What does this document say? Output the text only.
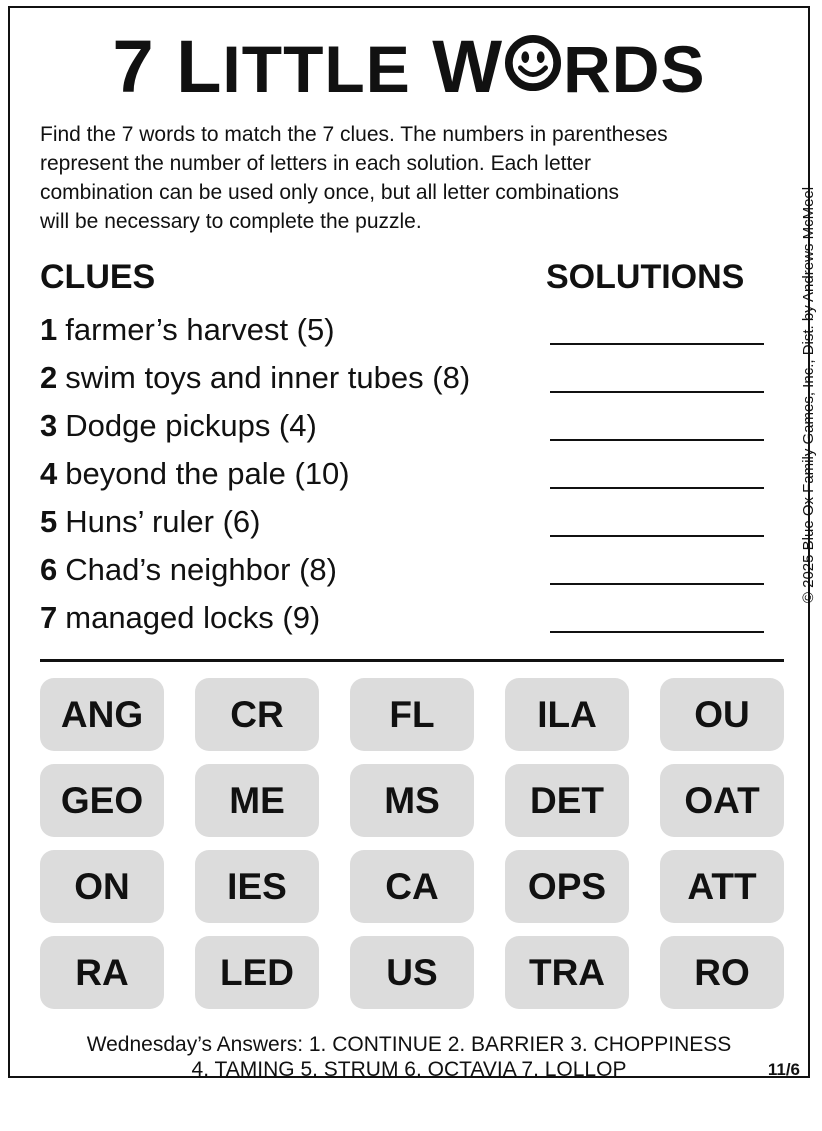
7 LITTLE W RDS

Find the 7 words to match the 7 clues. The numbers in parentheses
represent the number of letters in each solution. Each letter
combination can be used only once, but all letter combinations
will be necessary to complete the puzzle.

CLUES	SOLUTIONS
1 farmer’s harvest (5)
2 swim toys and inner tubes (8)
3 Dodge pickups (4)
4 beyond the pale (10)
5 Huns’ ruler (6)
6 Chad’s neighbor (8)
7 managed locks (9)
© 2025 Blue Ox Family Games, Inc., Dist. by Andrews McMeel
ANG	CR	FL	ILA	OU
GEO	ME	MS	DET	OAT
ON	IES	CA	OPS	ATT
RA	LED	US	TRA	RO
Wednesday’s Answers: 1. CONTINUE 2. BARRIER 3. CHOPPINESS
4. TAMING 5. STRUM 6. OCTAVIA 7. LOLLOP	11/6
